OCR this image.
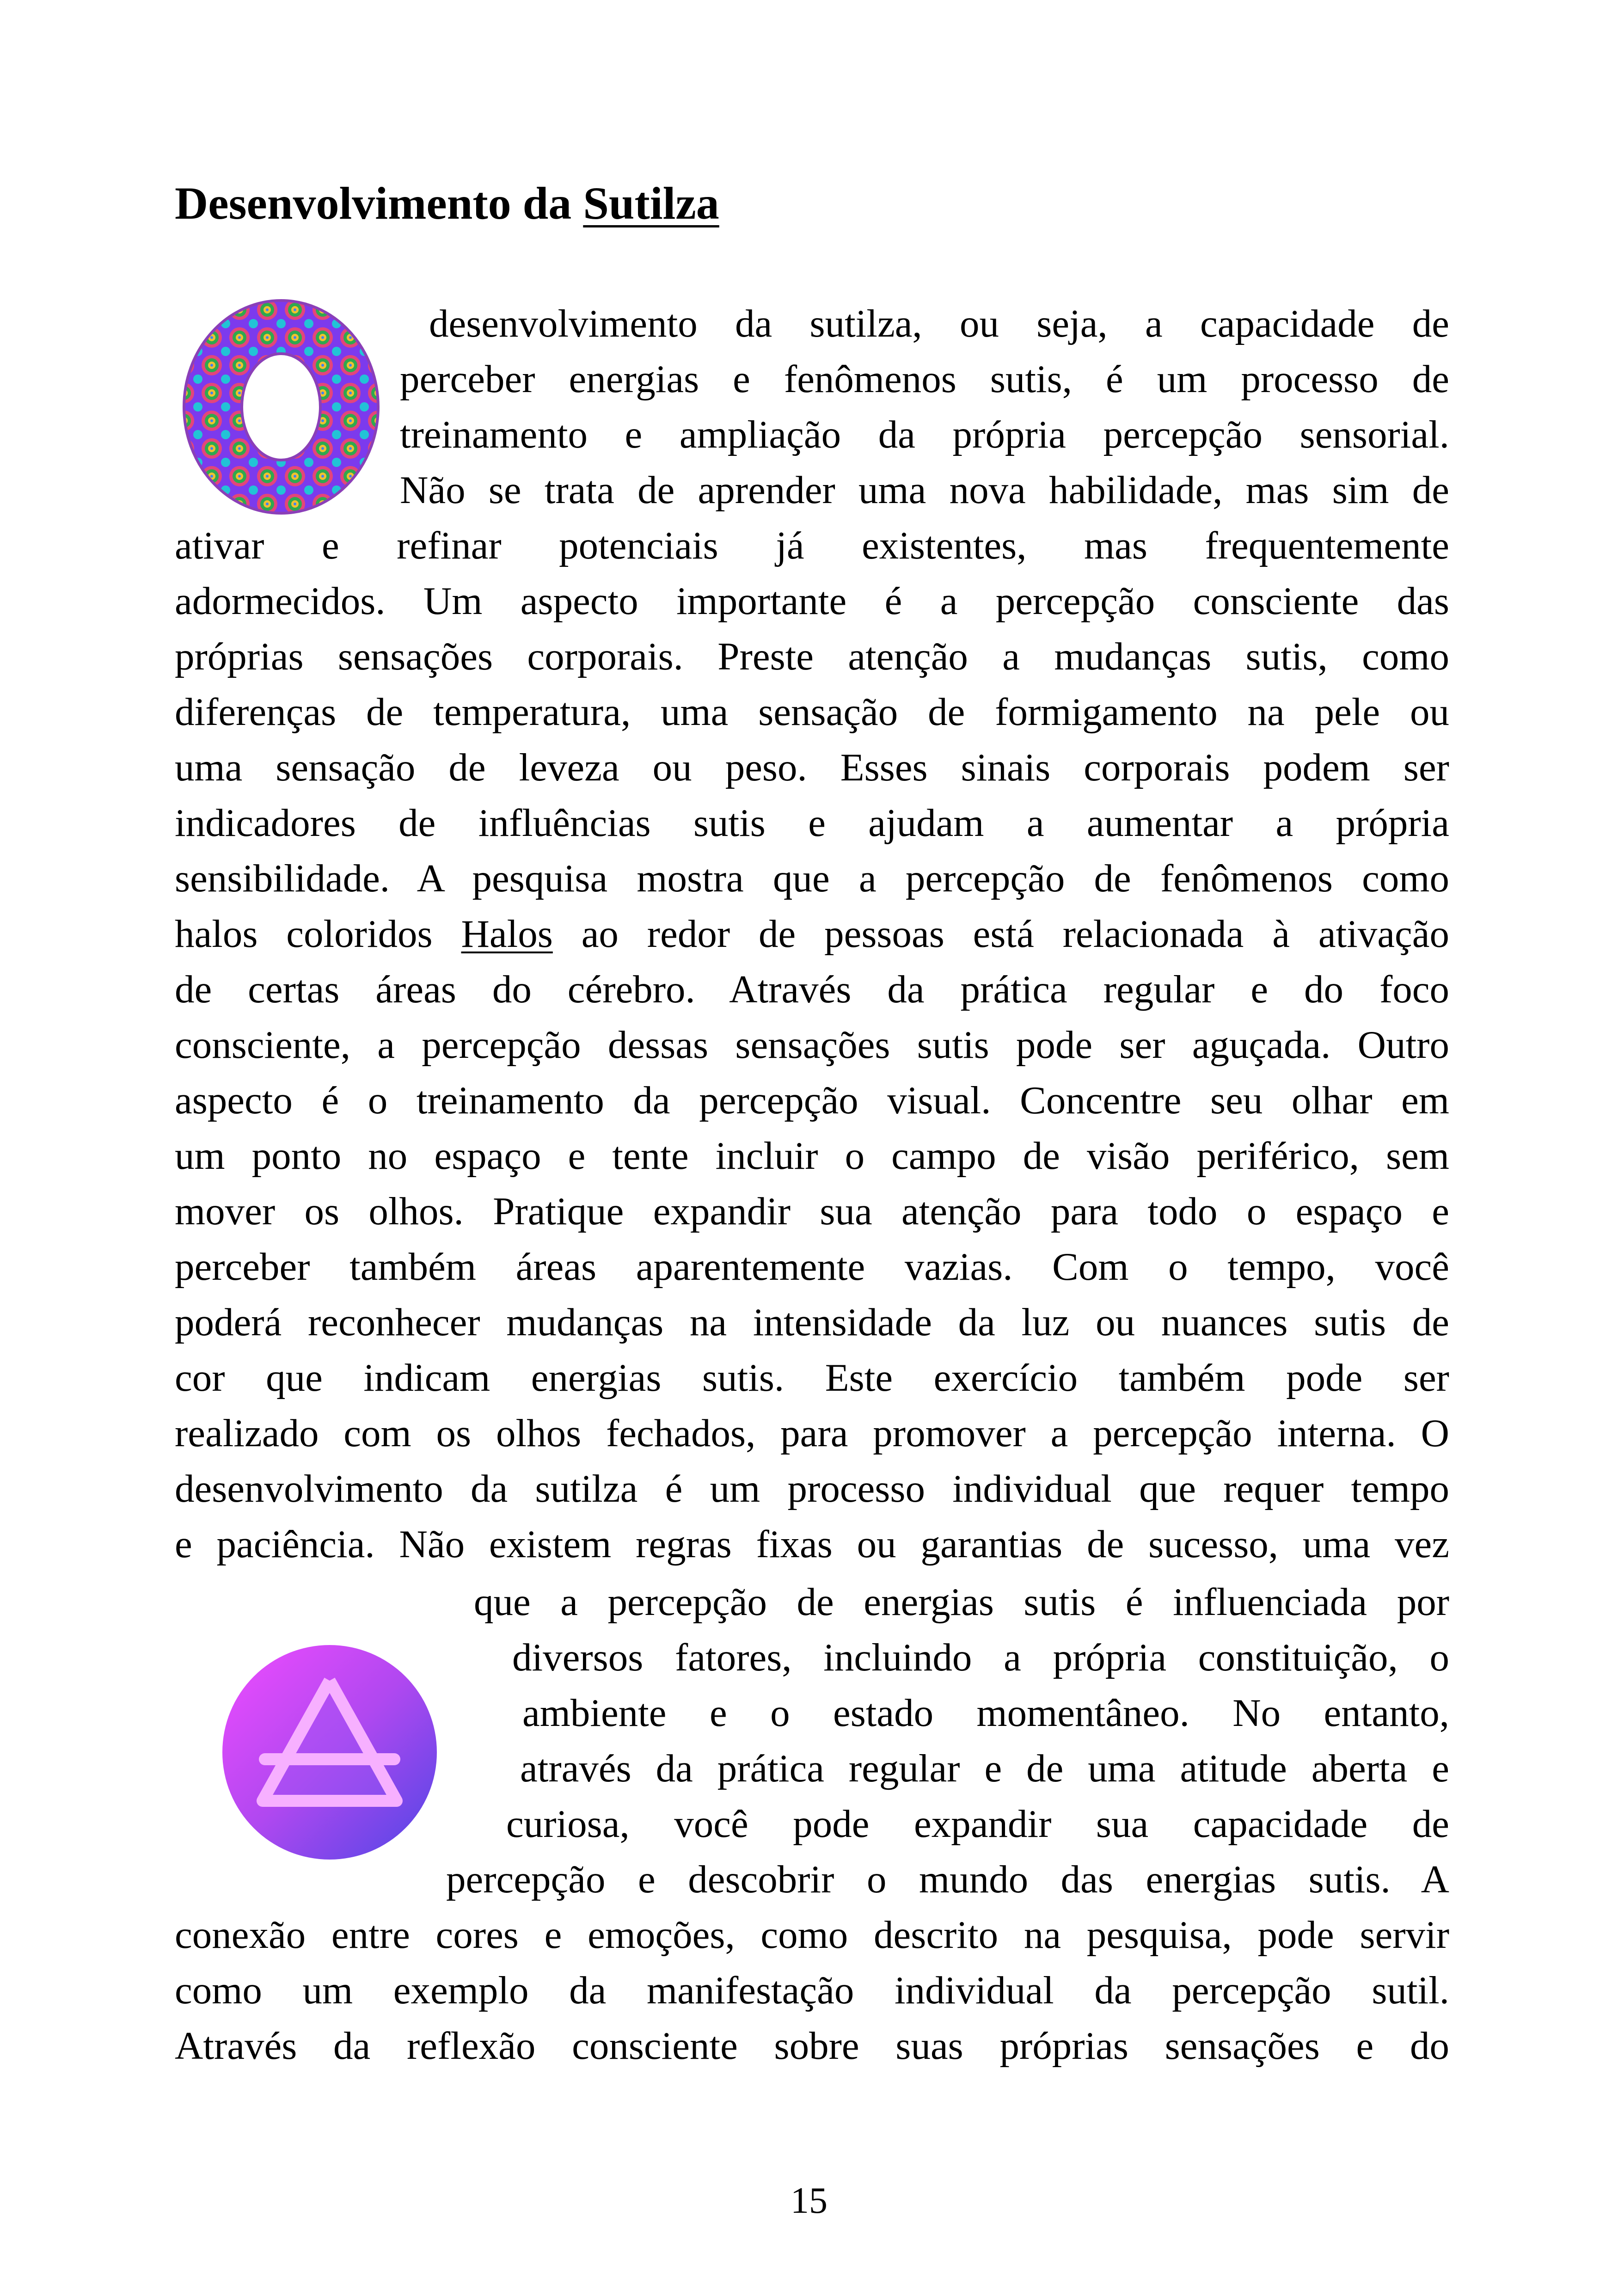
Desenvolvimento da Sutilza
desenvolvimento da sutilza, ou seja, a capacidade de
perceber energias e fenômenos sutis, é um processo de
treinamento e ampliação da própria percepção sensorial.
Não se trata de aprender uma nova habilidade, mas sim de
ativar e refinar potenciais já existentes, mas frequentemente
adormecidos. Um aspecto importante é a percepção consciente das
próprias sensações corporais. Preste atenção a mudanças sutis, como
diferenças de temperatura, uma sensação de formigamento na pele ou
uma sensação de leveza ou peso. Esses sinais corporais podem ser
indicadores de influências sutis e ajudam a aumentar a própria
sensibilidade. A pesquisa mostra que a percepção de fenômenos como
halos coloridos Halos ao redor de pessoas está relacionada à ativação
de certas áreas do cérebro. Através da prática regular e do foco
consciente, a percepção dessas sensações sutis pode ser aguçada. Outro
aspecto é o treinamento da percepção visual. Concentre seu olhar em
um ponto no espaço e tente incluir o campo de visão periférico, sem
mover os olhos. Pratique expandir sua atenção para todo o espaço e
perceber também áreas aparentemente vazias. Com o tempo, você
poderá reconhecer mudanças na intensidade da luz ou nuances sutis de
cor que indicam energias sutis. Este exercício também pode ser
realizado com os olhos fechados, para promover a percepção interna. O
desenvolvimento da sutilza é um processo individual que requer tempo
e paciência. Não existem regras fixas ou garantias de sucesso, uma vez
que a percepção de energias sutis é influenciada por
diversos fatores, incluindo a própria constituição, o
ambiente e o estado momentâneo. No entanto,
através da prática regular e de uma atitude aberta e
curiosa, você pode expandir sua capacidade de
percepção e descobrir o mundo das energias sutis. A
conexão entre cores e emoções, como descrito na pesquisa, pode servir
como um exemplo da manifestação individual da percepção sutil.
Através da reflexão consciente sobre suas próprias sensações e do
15
